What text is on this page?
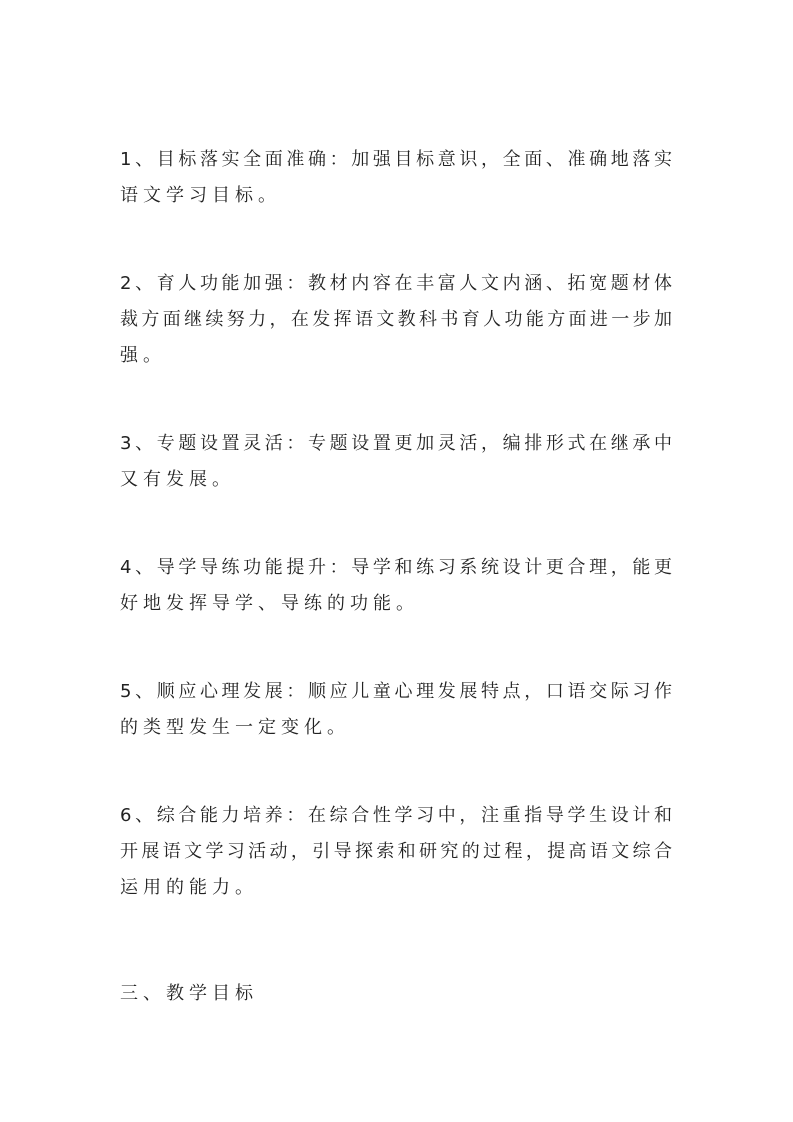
1、目标落实全面准确：加强目标意识，全面、准确地落实
语文学习目标。
2、育人功能加强：教材内容在丰富人文内涵、拓宽题材体
裁方面继续努力，在发挥语文教科书育人功能方面进一步加
强。
3、专题设置灵活：专题设置更加灵活，编排形式在继承中
又有发展。
4、导学导练功能提升：导学和练习系统设计更合理，能更
好地发挥导学、导练的功能。
5、顺应心理发展：顺应儿童心理发展特点，口语交际习作
的类型发生一定变化。
6、综合能力培养：在综合性学习中，注重指导学生设计和
开展语文学习活动，引导探索和研究的过程，提高语文综合
运用的能力。
三、教学目标
